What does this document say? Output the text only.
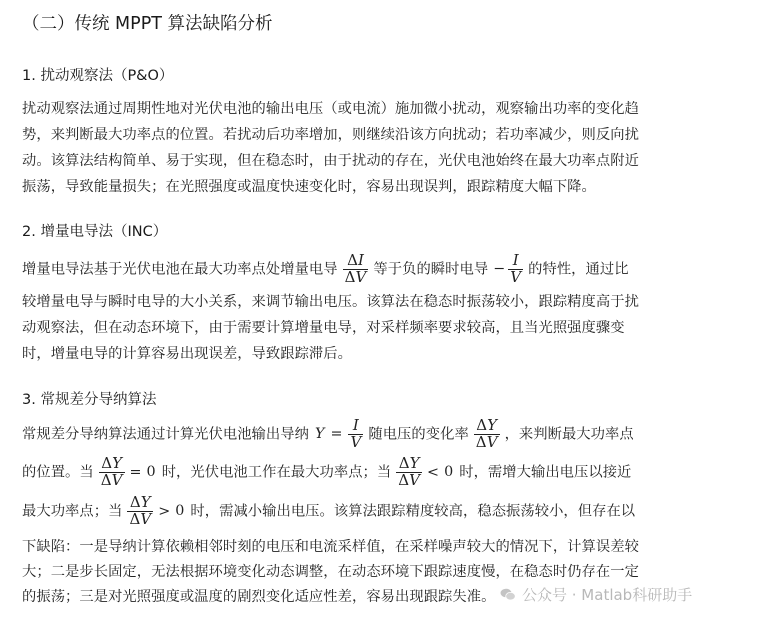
（二）传统 MPPT 算法缺陷分析
1. 扰动观察法（P&O）
扰动观察法通过周期性地对光伏电池的输出电压（或电流）施加微小扰动，观察输出功率的变化趋
势，来判断最大功率点的位置。若扰动后功率增加，则继续沿该方向扰动；若功率减少，则反向扰
动。该算法结构简单、易于实现，但在稳态时，由于扰动的存在，光伏电池始终在最大功率点附近
振荡，导致能量损失；在光照强度或温度快速变化时，容易出现误判，跟踪精度大幅下降。
2. 增量电导法（INC）
增量电导法基于光伏电池在最大功率点处增量电导 $\frac{\Delta I}{\Delta V}$ 等于负的瞬时电导 − $\frac{I}{V}$ 的特性，通过比
较增量电导与瞬时电导的大小关系，来调节输出电压。该算法在稳态时振荡较小，跟踪精度高于扰
动观察法，但在动态环境下，由于需要计算增量电导，对采样频率要求较高，且当光照强度骤变
时，增量电导的计算容易出现误差，导致跟踪滞后。
3. 常规差分导纳算法
常规差分导纳算法通过计算光伏电池输出导纳 $Y = \frac{I}{V}$ 随电压的变化率 $\frac{\Delta Y}{\Delta V}$ ，来判断最大功率点
的位置。当 $\frac{\Delta Y}{\Delta V} = 0$ 时，光伏电池工作在最大功率点；当 $\frac{\Delta Y}{\Delta V} < 0$ 时，需增大输出电压以接近
最大功率点；当 $\frac{\Delta Y}{\Delta V} > 0$ 时，需减小输出电压。该算法跟踪精度较高，稳态振荡较小，但存在以
下缺陷：一是导纳计算依赖相邻时刻的电压和电流采样值，在采样噪声较大的情况下，计算误差较
大；二是步长固定，无法根据环境变化动态调整，在动态环境下跟踪速度慢，在稳态时仍存在一定
的振荡；三是对光照强度或温度的剧烈变化适应性差，容易出现跟踪失准。	公众号 · Matlab科研助手
